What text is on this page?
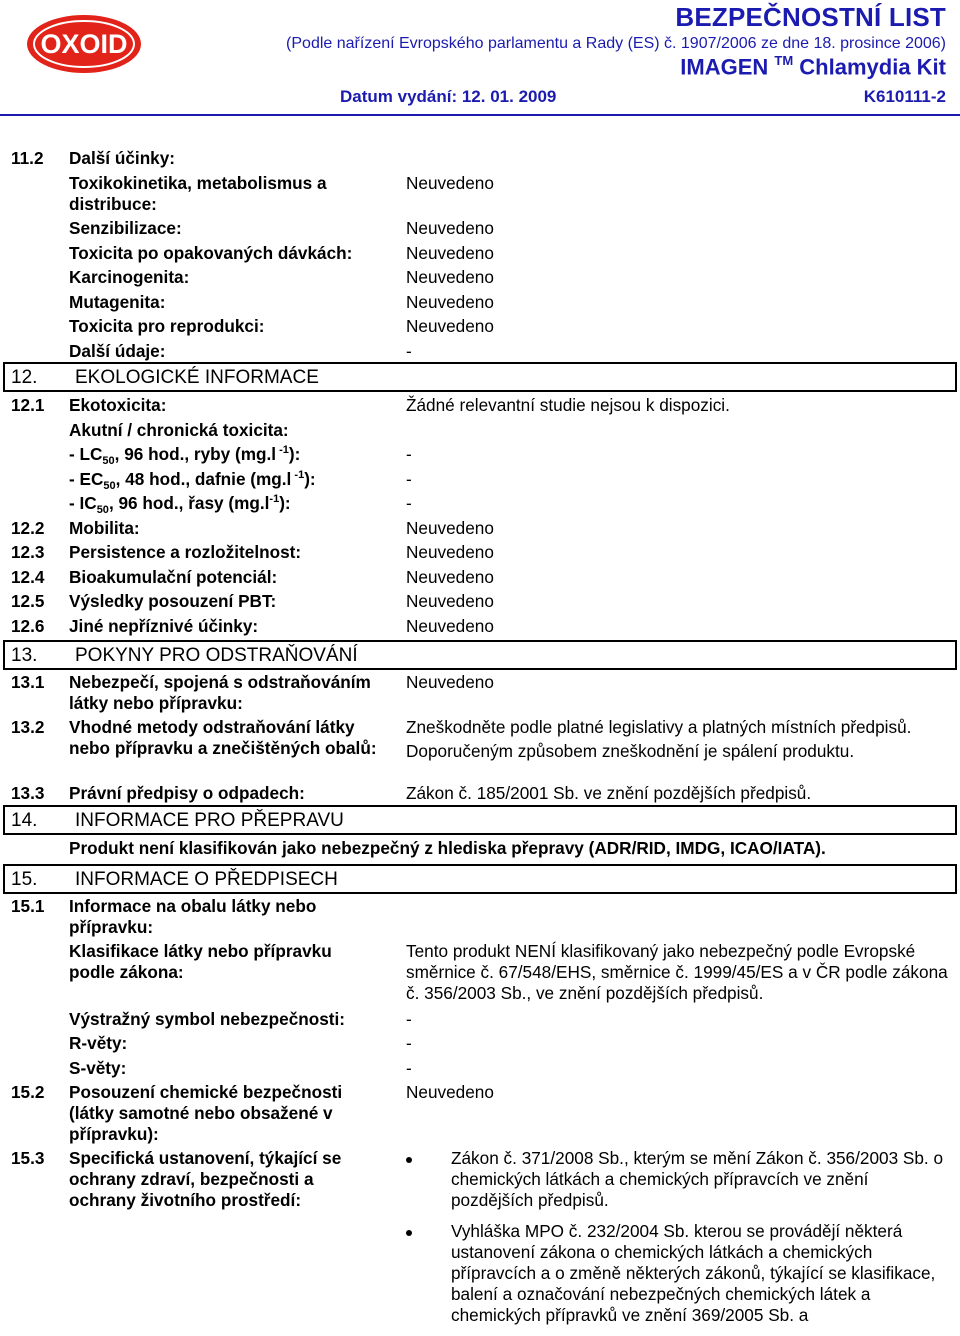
OXOID
BEZPEČNOSTNÍ LIST
(Podle nařízení Evropského parlamentu a Rady (ES) č. 1907/2006 ze dne 18. prosince 2006)
IMAGEN ™ Chlamydia Kit
Datum vydání: 12. 01. 2009	K610111-2
11.2 Další účinky:
Toxikokinetika, metabolismus a distribuce:
Neuvedeno
Senzibilizace:	Neuvedeno
Toxicita po opakovaných dávkách:	Neuvedeno
Karcinogenita:	Neuvedeno
Mutagenita:	Neuvedeno
Toxicita pro reprodukci:	Neuvedeno
Další údaje:	-
12. EKOLOGICKÉ INFORMACE
12.1 Ekotoxicita:	Žádné relevantní studie nejsou k dispozici.
Akutní / chronická toxicita:
- $LC_{50}$, 96 hod., ryby (mg.l $^{-1}$):	-
- $EC_{50}$, 48 hod., dafnie (mg.l $^{-1}$):	-
- $IC_{50}$, 96 hod., řasy $(mg.l^{-1})$:	-
12.2 Mobilita:	Neuvedeno
12.3 Persistence a rozložitelnost:	Neuvedeno
12.4 Bioakumulační potenciál:	Neuvedeno
12.5 Výsledky posouzení PBT:	Neuvedeno
12.6 Jiné nepříznivé účinky:	Neuvedeno
13. POKYNY PRO ODSTRAŇOVÁNÍ
13.1 Nebezpečí, spojená s odstraňováním látky nebo přípravku:
Neuvedeno
13.2 Vhodné metody odstraňování látky nebo přípravku a znečištěných obalů:
Zneškodněte podle platné legislativy a platných místních předpisů.
Doporučeným způsobem zneškodnění je spálení produktu.
13.3 Právní předpisy o odpadech:	Zákon č. 185/2001 Sb. ve znění pozdějších předpisů.
14. INFORMACE PRO PŘEPRAVU
Produkt není klasifikován jako nebezpečný z hlediska přepravy (ADR/RID, IMDG, ICAO/IATA).
15. INFORMACE O PŘEDPISECH
15.1 Informace na obalu látky nebo přípravku:
Klasifikace látky nebo přípravku podle zákona:
Tento produkt NENÍ klasifikovaný jako nebezpečný podle Evropské směrnice č. 67/548/EHS, směrnice č. 1999/45/ES a v ČR podle zákona č. 356/2003 Sb., ve znění pozdějších předpisů.
Výstražný symbol nebezpečnosti:	-
R-věty:	-
S-věty:	-
15.2 Posouzení chemické bezpečnosti (látky samotné nebo obsažené v přípravku):
Neuvedeno
15.3 Specifická ustanovení, týkající se ochrany zdraví, bezpečnosti a ochrany životního prostředí:
Zákon č. 371/2008 Sb., kterým se mění Zákon č. 356/2003 Sb. o chemických látkách a chemických přípravcích ve znění pozdějších předpisů.
Vyhláška MPO č. 232/2004 Sb. kterou se provádějí některá ustanovení zákona o chemických látkách a chemických přípravcích a o změně některých zákonů, týkající se klasifikace, balení a označování nebezpečných chemických látek a chemických přípravků ve znění 369/2005 Sb. a
